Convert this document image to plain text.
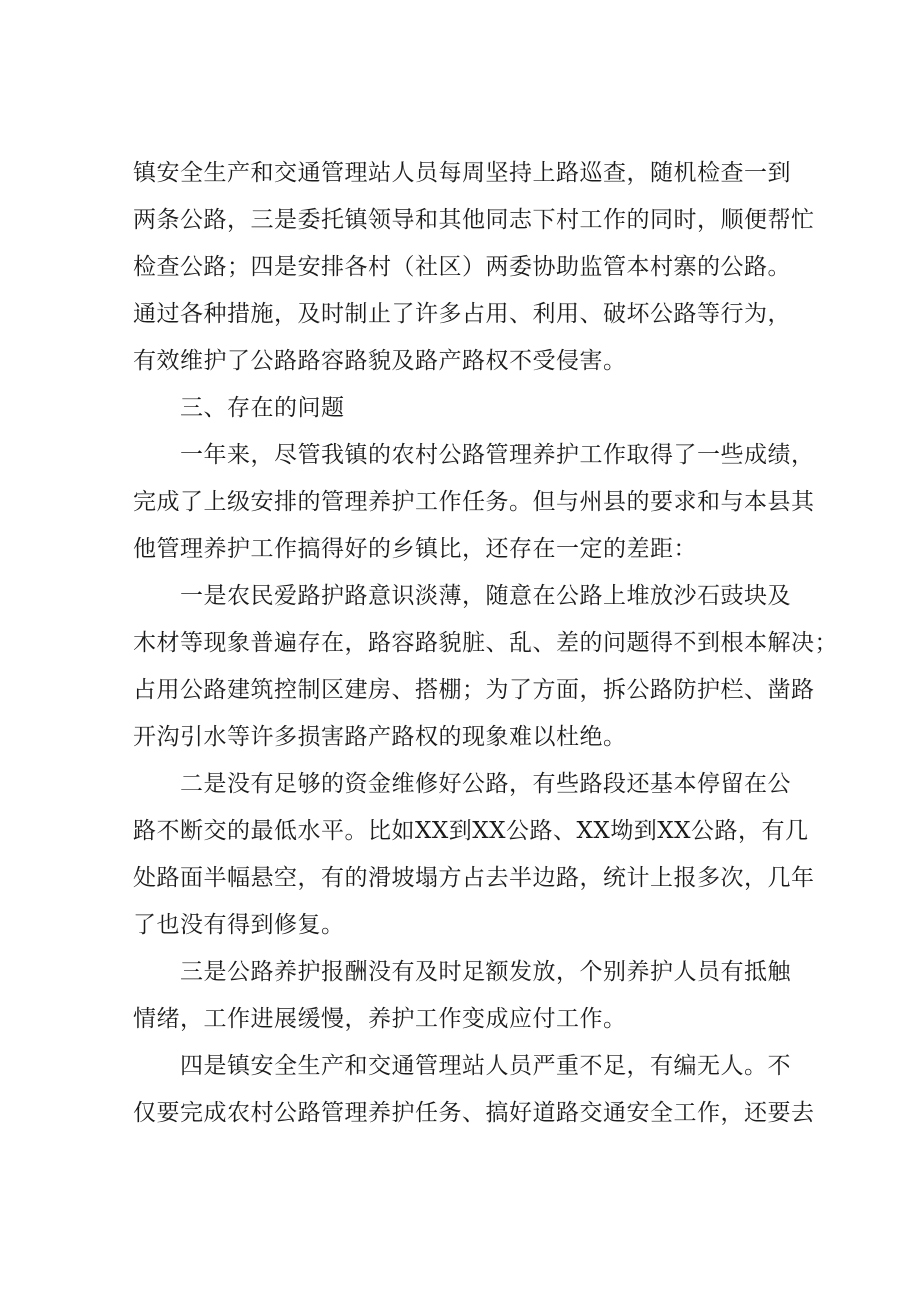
镇安全生产和交通管理站人员每周坚持上路巡查，随机检查一到
两条公路，三是委托镇领导和其他同志下村工作的同时，顺便帮忙
检查公路；四是安排各村（社区）两委协助监管本村寨的公路。
通过各种措施，及时制止了许多占用、利用、破坏公路等行为，
有效维护了公路路容路貌及路产路权不受侵害。
三、存在的问题
一年来，尽管我镇的农村公路管理养护工作取得了一些成绩，
完成了上级安排的管理养护工作任务。但与州县的要求和与本县其
他管理养护工作搞得好的乡镇比，还存在一定的差距：
一是农民爱路护路意识淡薄，随意在公路上堆放沙石豉块及
木材等现象普遍存在，路容路貌脏、乱、差的问题得不到根本解决；
占用公路建筑控制区建房、搭棚；为了方面，拆公路防护栏、凿路
开沟引水等许多损害路产路权的现象难以杜绝。
二是没有足够的资金维修好公路，有些路段还基本停留在公
路不断交的最低水平。比如XX到XX公路、XX坳到XX公路，有几
处路面半幅悬空，有的滑坡塌方占去半边路，统计上报多次，几年
了也没有得到修复。
三是公路养护报酬没有及时足额发放，个别养护人员有抵触
情绪，工作进展缓慢，养护工作变成应付工作。
四是镇安全生产和交通管理站人员严重不足，有编无人。不
仅要完成农村公路管理养护任务、搞好道路交通安全工作，还要去
